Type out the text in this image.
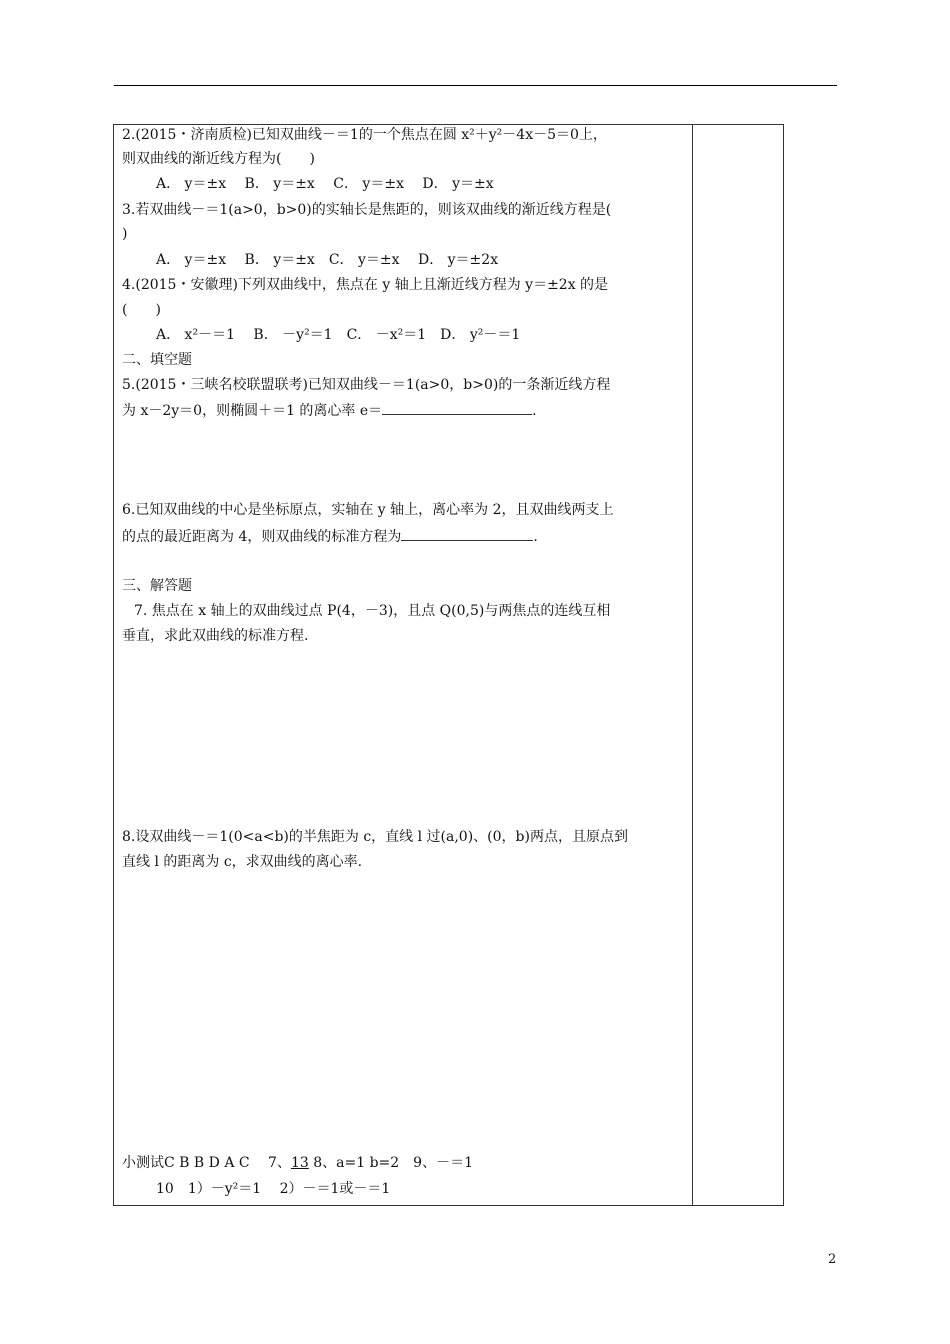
2.(2015・济南质检)已知双曲线－＝1的一个焦点在圆 x²＋y²－4x－5＝0上，
则双曲线的渐近线方程为(　　)
A． y＝±x　 B． y＝±x　 C． y＝±x　 D． y＝±x
3.若双曲线－＝1(a>0，b>0)的实轴长是焦距的，则该双曲线的渐近线方程是(
)
A． y＝±x　 B． y＝±x　C． y＝±x　 D． y＝±2x
4.(2015・安徽理)下列双曲线中，焦点在 y 轴上且渐近线方程为 y＝±2x 的是
(　　)
A． x²－＝1　 B． －y²＝1　C． －x²＝1　D． y²－＝1
二、填空题
5.(2015・三峡名校联盟联考)已知双曲线－＝1(a>0，b>0)的一条渐近线方程
为 x－2y＝0，则椭圆＋＝1 的离心率 e＝	.
6.已知双曲线的中心是坐标原点，实轴在 y 轴上，离心率为 2，且双曲线两支上
的点的最近距离为 4，则双曲线的标准方程为	.
三、解答题
7. 焦点在 x 轴上的双曲线过点 P(4，－3)，且点 Q(0,5)与两焦点的连线互相
垂直，求此双曲线的标准方程.
8.设双曲线－＝1(0<a<b)的半焦距为 c，直线 l 过(a,0)、(0，b)两点，且原点到
直线 l 的距离为 c，求双曲线的离心率.
小测试C B B D A C　 7、13 8、a=1 b=2　9、－＝1
10　1）－y²＝1　 2）－＝1或－＝1
2
